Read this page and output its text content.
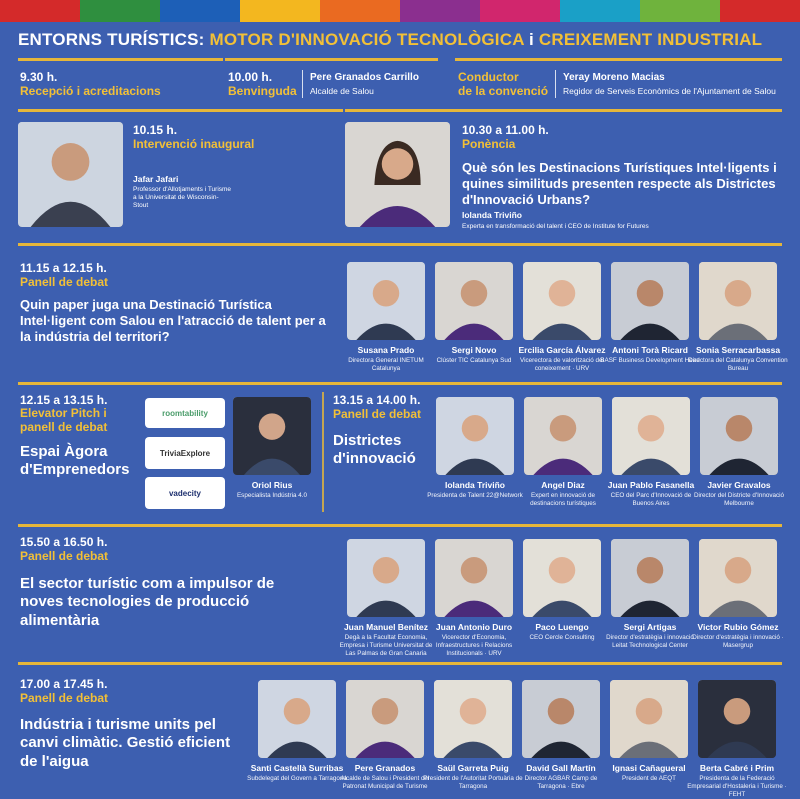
ENTORNS TURÍSTICS: MOTOR D'INNOVACIÓ TECNOLÒGICA i CREIXEMENT INDUSTRIAL
9.30 h.
Recepció i acreditacions
10.00 h.
Benvinguda
Pere Granados Carrillo
Alcalde de Salou
Conductor
de la convenció
Yeray Moreno Macias
Regidor de Serveis Econòmics de l'Ajuntament de Salou
10.15 h.
Intervenció inaugural
Jafar Jafari
Professor d'Allotjaments i Turisme a la Universitat de Wisconsin-Stout
10.30 a 11.00 h.
Ponència
Què són les Destinacions Turístiques Intel·ligents i quines similituds presenten respecte als Districtes d'Innovació Urbans?
Iolanda Triviño
Experta en transformació del talent i CEO de Institute for Futures
11.15 a 12.15 h.
Panell de debat
Quin paper juga una Destinació Turística Intel·ligent com Salou en l'atracció de talent per a la indústria del territori?
Susana Prado
Directora General INETUM Catalunya
Sergi Novo
Clúster TIC Catalunya Sud
Ercilia García Álvarez
Vicerectora de valorització del coneixement · URV
Antoni Torà Ricard
BASF Business Development Head
Sonia Serracarbassa
Directora del Catalunya Convention Bureau
12.15 a 13.15 h.
Elevator Pitch i panell de debat
Espai Àgora d'Emprenedors
roomtability
TriviaExplore
vadecity
Oriol Rius
Especialista Indústria 4.0
13.15 a 14.00 h.
Panell de debat
Districtes d'innovació
Iolanda Triviño
Presidenta de Talent 22@Network
Angel Diaz
Expert en innovació de destinacions turístiques
Juan Pablo Fasanella
CEO del Parc d'Innovació de Buenos Aires
Javier Gravalos
Director del Districte d'Innovació Melbourne
15.50 a 16.50 h.
Panell de debat
El sector turístic com a impulsor de noves tecnologies de producció alimentària	Juan Manuel Benítez
Degà a la Facultat Economia, Empresa i Turisme Universitat de Las Palmas de Gran Canaria
Juan Antonio Duro
Vicerector d'Economia, Infraestructures i Relacions Institucionals · URV
Paco Luengo
CEO Cercle Consulting
Sergi Artigas
Director d'estratègia i innovació Leitat Technological Center
Victor Rubio Gómez
Director d'estratègia i innovació · Masergrup
17.00 a 17.45 h.
Panell de debat
Indústria i turisme units pel canvi climàtic. Gestió eficient de l'aigua	Santi Castellà Surribas
Subdelegat del Govern a Tarragona
Pere Granados
Alcalde de Salou i President del Patronat Municipal de Turisme
Saül Garreta Puig
President de l'Autoritat Portuària de Tarragona
David Gall Martín
Director AGBAR Camp de Tarragona · Ebre
Ignasi Cañagueral
President de AEQT
Berta Cabré i Prim
Presidenta de la Federació Empresarial d'Hostaleria i Turisme · FEHT
